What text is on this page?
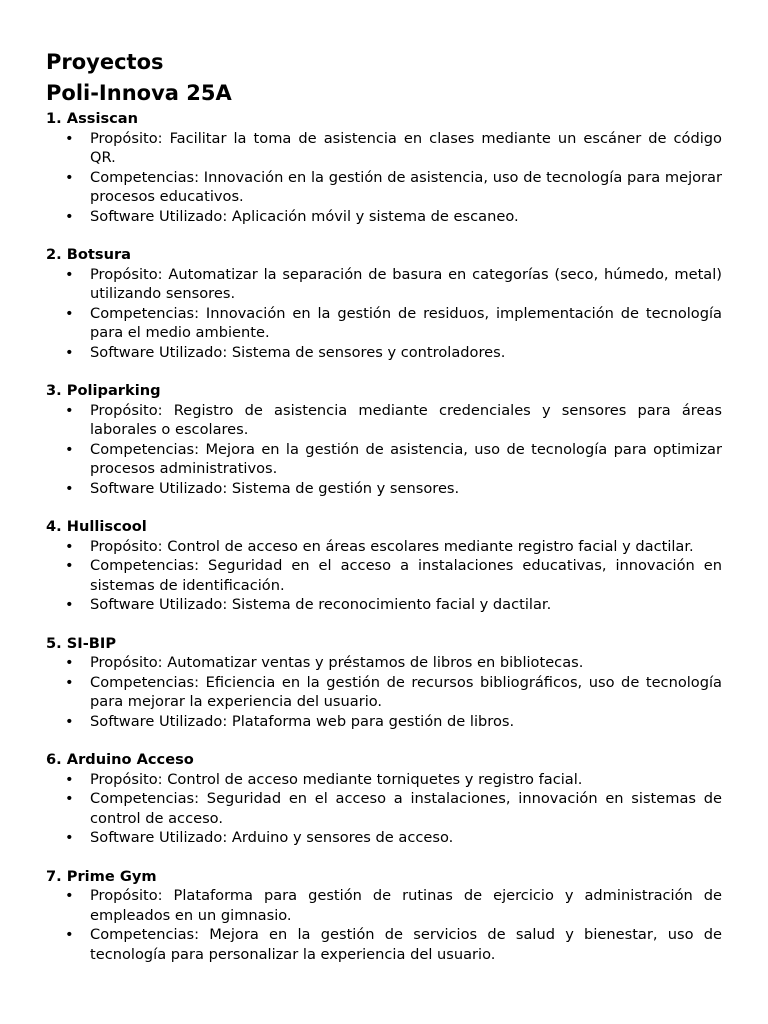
Proyectos
Poli-Innova 25A
1. Assiscan
• Propósito: Facilitar la toma de asistencia en clases mediante un escáner de código QR.
• Competencias: Innovación en la gestión de asistencia, uso de tecnología para mejorar procesos educativos.
• Software Utilizado: Aplicación móvil y sistema de escaneo.
2. Botsura
• Propósito: Automatizar la separación de basura en categorías (seco, húmedo, metal) utilizando sensores.
• Competencias: Innovación en la gestión de residuos, implementación de tecnología para el medio ambiente.
• Software Utilizado: Sistema de sensores y controladores.
3. Poliparking
• Propósito: Registro de asistencia mediante credenciales y sensores para áreas laborales o escolares.
• Competencias: Mejora en la gestión de asistencia, uso de tecnología para optimizar procesos administrativos.
• Software Utilizado: Sistema de gestión y sensores.
4. Hulliscool
• Propósito: Control de acceso en áreas escolares mediante registro facial y dactilar.
• Competencias: Seguridad en el acceso a instalaciones educativas, innovación en sistemas de identificación.
• Software Utilizado: Sistema de reconocimiento facial y dactilar.
5. SI-BIP
• Propósito: Automatizar ventas y préstamos de libros en bibliotecas.
• Competencias: Eficiencia en la gestión de recursos bibliográficos, uso de tecnología para mejorar la experiencia del usuario.
• Software Utilizado: Plataforma web para gestión de libros.
6. Arduino Acceso
• Propósito: Control de acceso mediante torniquetes y registro facial.
• Competencias: Seguridad en el acceso a instalaciones, innovación en sistemas de control de acceso.
• Software Utilizado: Arduino y sensores de acceso.
7. Prime Gym
• Propósito: Plataforma para gestión de rutinas de ejercicio y administración de empleados en un gimnasio.
• Competencias: Mejora en la gestión de servicios de salud y bienestar, uso de tecnología para personalizar la experiencia del usuario.
